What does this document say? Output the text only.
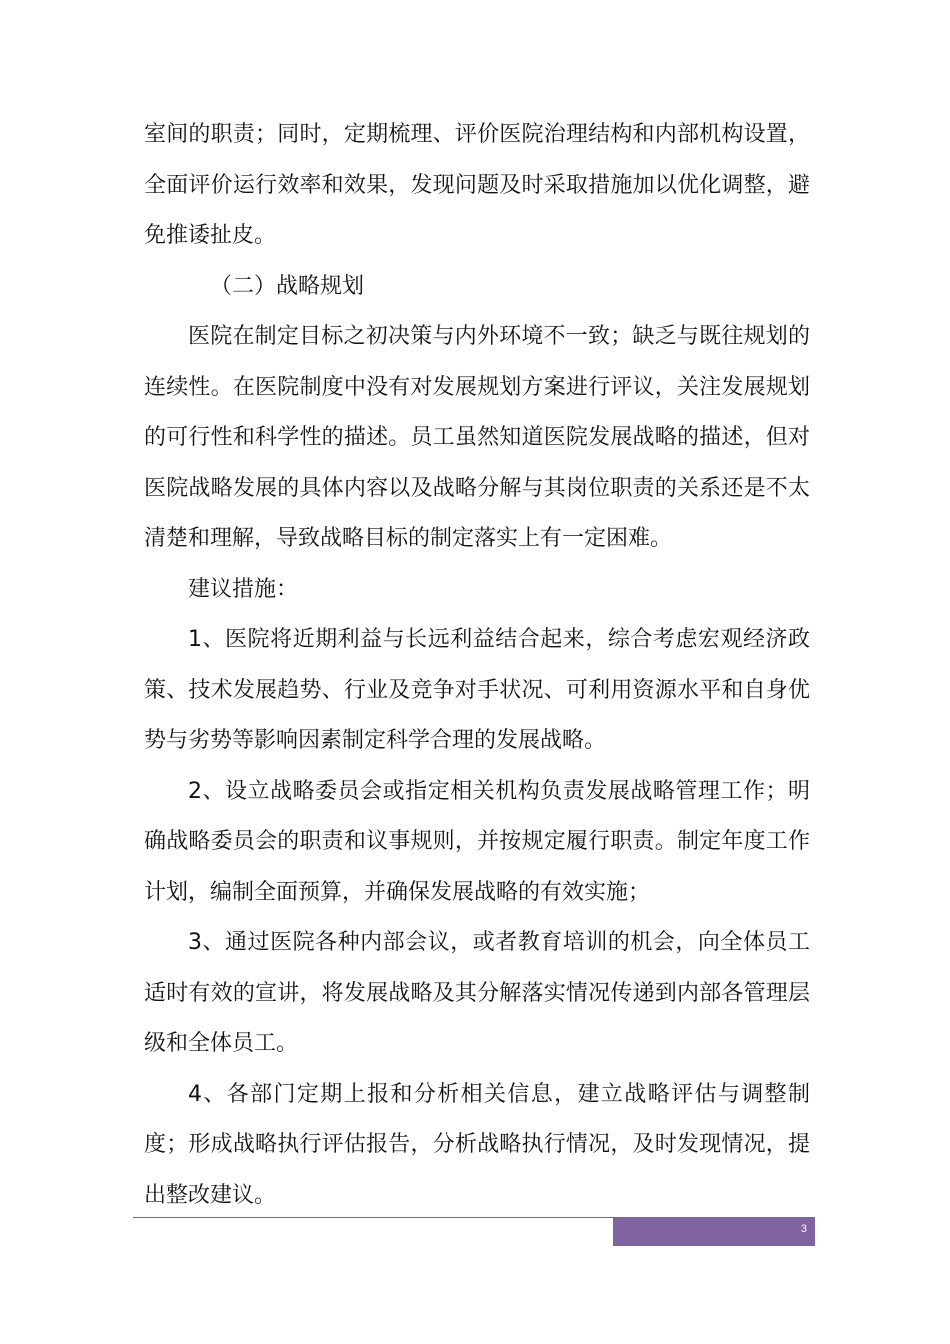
室间的职责；同时，定期梳理、评价医院治理结构和内部机构设置，全面评价运行效率和效果，发现问题及时采取措施加以优化调整，避免推诿扯皮。

（二）战略规划

医院在制定目标之初决策与内外环境不一致；缺乏与既往规划的连续性。在医院制度中没有对发展规划方案进行评议，关注发展规划的可行性和科学性的描述。员工虽然知道医院发展战略的描述，但对医院战略发展的具体内容以及战略分解与其岗位职责的关系还是不太清楚和理解，导致战略目标的制定落实上有一定困难。

建议措施：

1、医院将近期利益与长远利益结合起来，综合考虑宏观经济政策、技术发展趋势、行业及竞争对手状况、可利用资源水平和自身优势与劣势等影响因素制定科学合理的发展战略。

2、设立战略委员会或指定相关机构负责发展战略管理工作；明确战略委员会的职责和议事规则，并按规定履行职责。制定年度工作计划，编制全面预算，并确保发展战略的有效实施；

3、通过医院各种内部会议，或者教育培训的机会，向全体员工适时有效的宣讲，将发展战略及其分解落实情况传递到内部各管理层级和全体员工。

4、各部门定期上报和分析相关信息，建立战略评估与调整制度；形成战略执行评估报告，分析战略执行情况，及时发现情况，提出整改建议。

3
